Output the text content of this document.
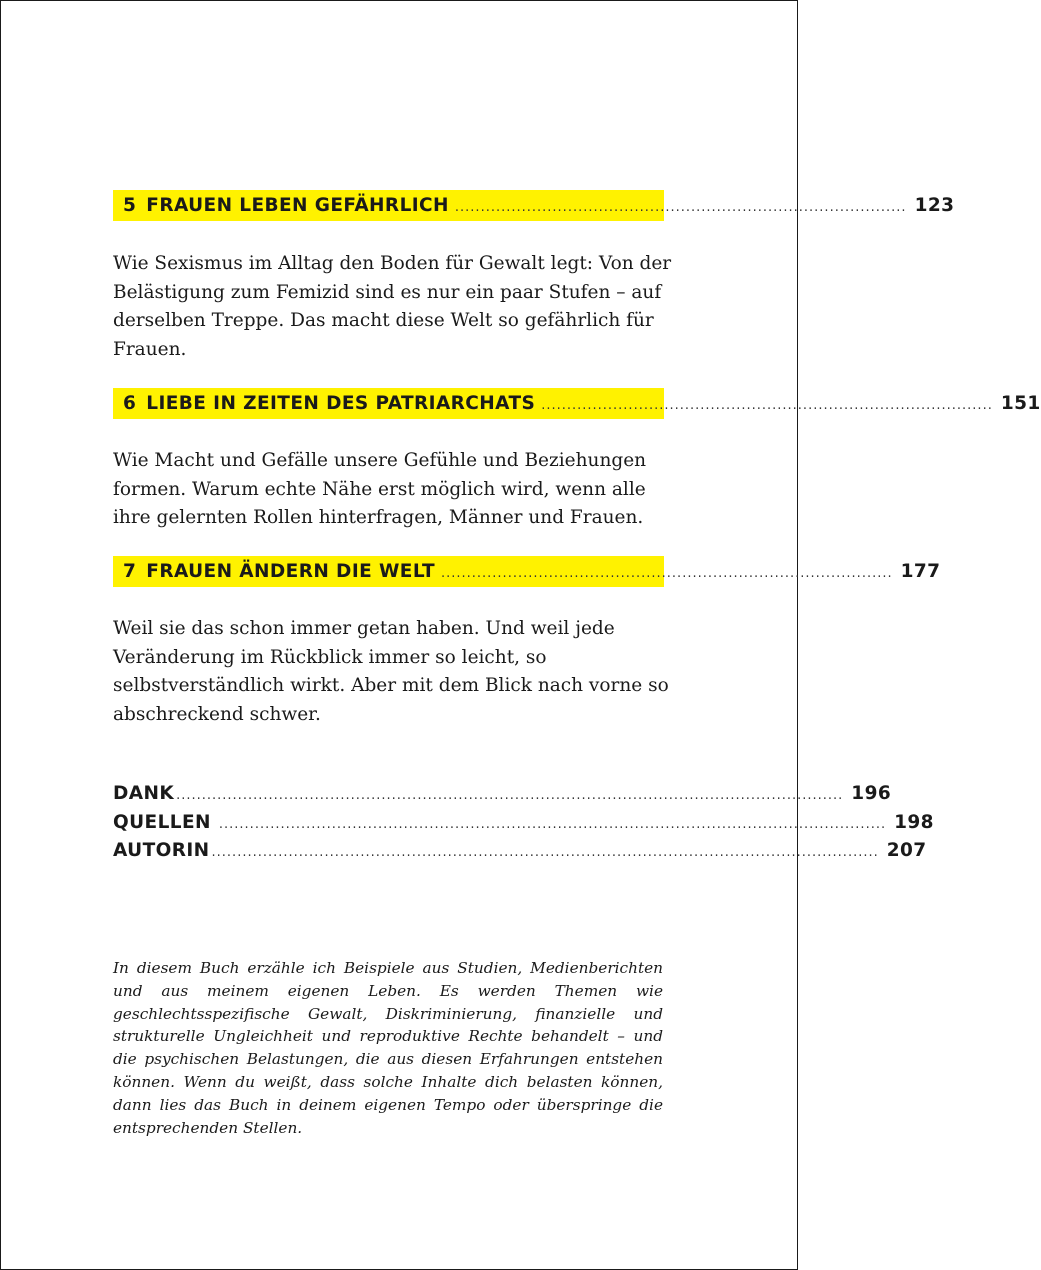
5 FRAUEN LEBEN GEFÄHRLICH ........................................................................................ 123

Wie Sexismus im Alltag den Boden für Gewalt legt: Von der Belästigung zum Femizid sind es nur ein paar Stufen – auf derselben Treppe. Das macht diese Welt so gefährlich für Frauen.

6 LIEBE IN ZEITEN DES PATRIARCHATS ........................................................................................ 151

Wie Macht und Gefälle unsere Gefühle und Beziehungen formen. Warum echte Nähe erst möglich wird, wenn alle ihre gelernten Rollen hinterfragen, Männer und Frauen.

7 FRAUEN ÄNDERN DIE WELT ........................................................................................ 177

Weil sie das schon immer getan haben. Und weil jede Veränderung im Rückblick immer so leicht, so selbstverständlich wirkt. Aber mit dem Blick nach vorne so abschreckend schwer.

DANK .................................................................................................................................. 196
QUELLEN .................................................................................................................................. 198
AUTORIN .................................................................................................................................. 207

In diesem Buch erzähle ich Beispiele aus Studien, Medienberichten und aus meinem eigenen Leben. Es werden Themen wie geschlechtsspezifische Gewalt, Diskriminierung, finanzielle und strukturelle Ungleichheit und reproduktive Rechte behandelt – und die psychischen Belastungen, die aus diesen Erfahrungen entstehen können. Wenn du weißt, dass solche Inhalte dich belasten können, dann lies das Buch in deinem eigenen Tempo oder überspringe die entsprechenden Stellen.
